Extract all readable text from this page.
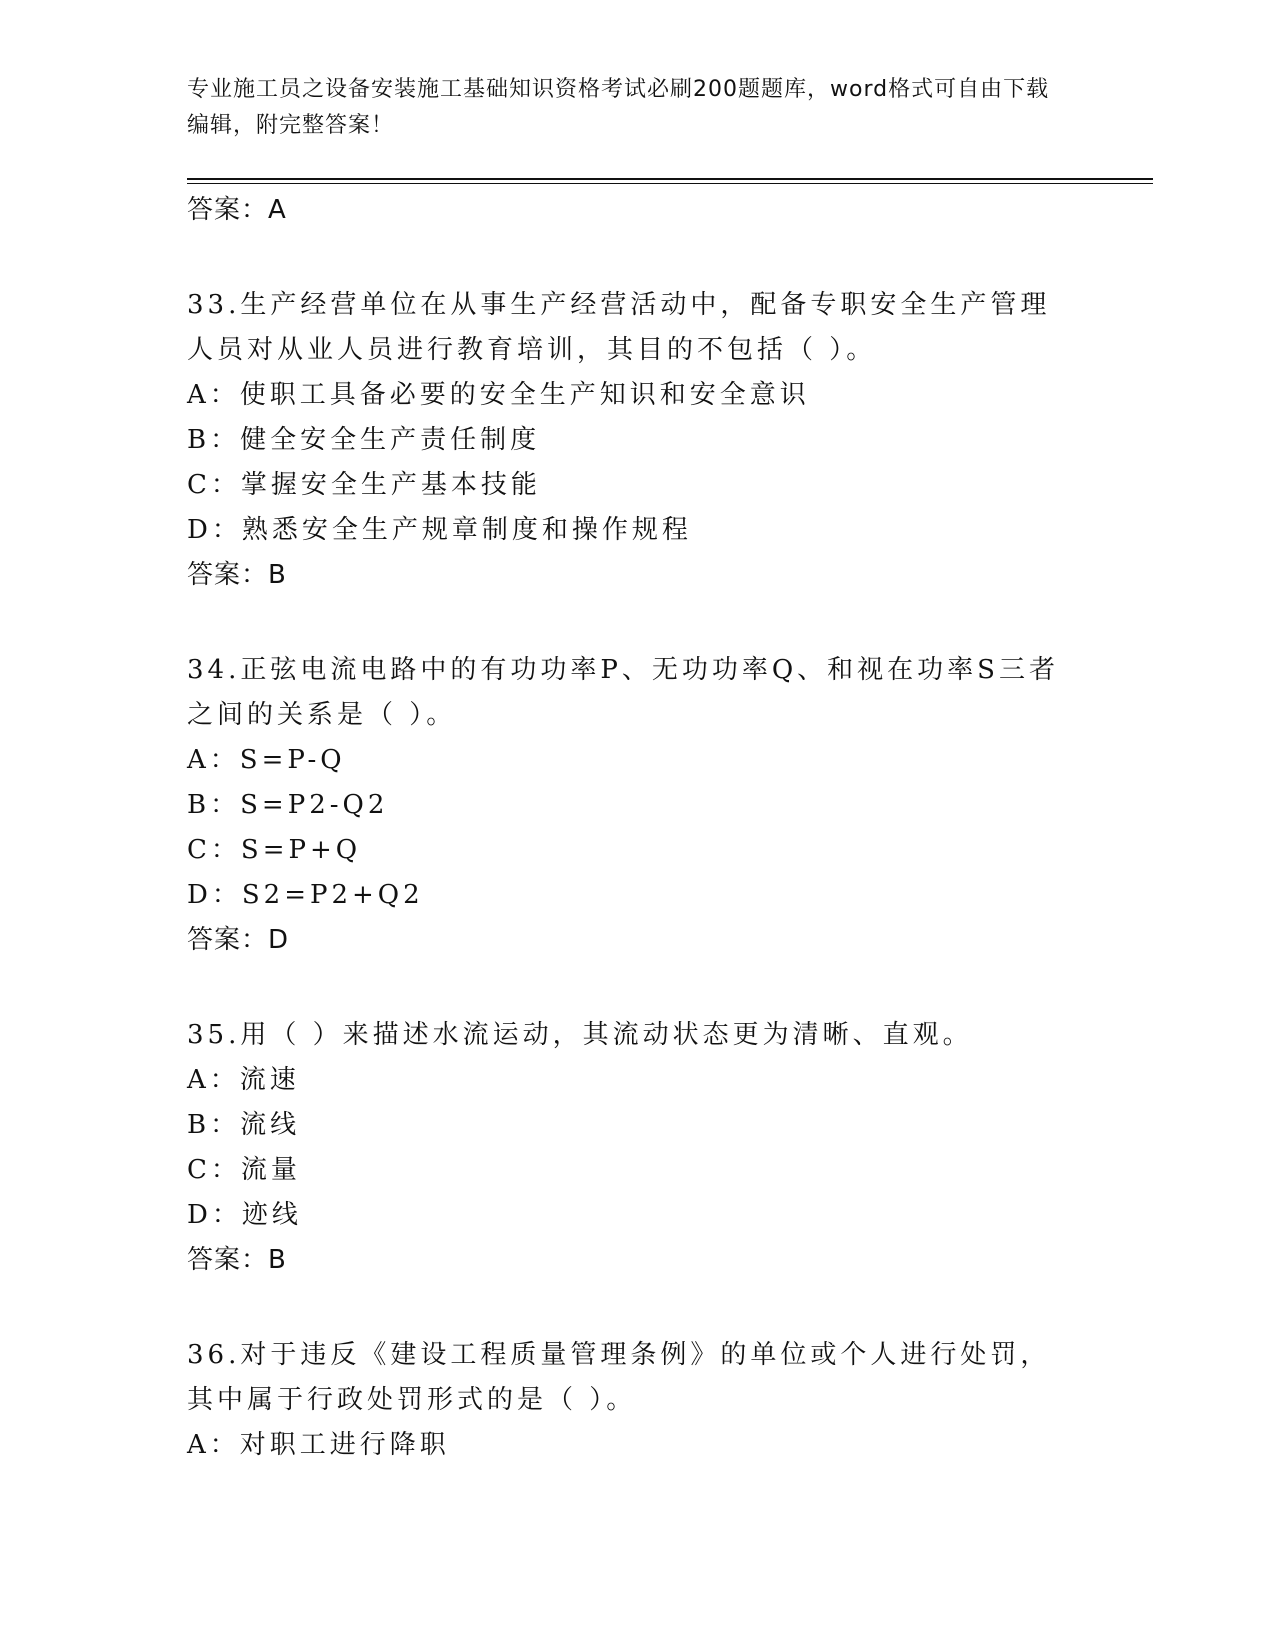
专业施工员之设备安装施工基础知识资格考试必刷200题题库，word格式可自由下载编辑，附完整答案！
答案：A
33.生产经营单位在从事生产经营活动中，配备专职安全生产管理人员对从业人员进行教育培训，其目的不包括（ ）。
A：使职工具备必要的安全生产知识和安全意识
B：健全安全生产责任制度
C：掌握安全生产基本技能
D：熟悉安全生产规章制度和操作规程
答案：B
34.正弦电流电路中的有功功率P、无功功率Q、和视在功率S三者之间的关系是（ ）。
A：S=P-Q
B：S=P2-Q2
C：S=P+Q
D：S2=P2+Q2
答案：D
35.用（ ）来描述水流运动，其流动状态更为清晰、直观。
A：流速
B：流线
C：流量
D：迹线
答案：B
36.对于违反《建设工程质量管理条例》的单位或个人进行处罚，其中属于行政处罚形式的是（ ）。
A：对职工进行降职
